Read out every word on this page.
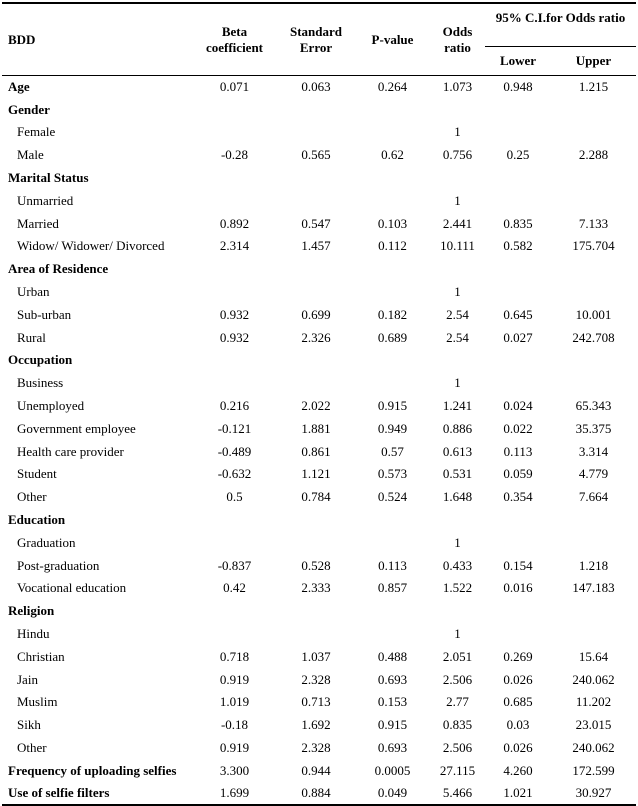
BDD	Beta coefficient	Standard Error	P-value	Odds ratio	95% C.I.for Odds ratio	

					Lower	Upper
Age	0.071	0.063	0.264	1.073	0.948	1.215
Gender						
Female				1		
Male	-0.28	0.565	0.62	0.756	0.25	2.288
Marital Status						
Unmarried				1		
Married	0.892	0.547	0.103	2.441	0.835	7.133
Widow/ Widower/ Divorced	2.314	1.457	0.112	10.111	0.582	175.704
Area of Residence						
Urban				1		
Sub-urban	0.932	0.699	0.182	2.54	0.645	10.001
Rural	0.932	2.326	0.689	2.54	0.027	242.708
Occupation						
Business				1		
Unemployed	0.216	2.022	0.915	1.241	0.024	65.343
Government employee	-0.121	1.881	0.949	0.886	0.022	35.375
Health care provider	-0.489	0.861	0.57	0.613	0.113	3.314
Student	-0.632	1.121	0.573	0.531	0.059	4.779
Other	0.5	0.784	0.524	1.648	0.354	7.664
Education						
Graduation				1		
Post-graduation	-0.837	0.528	0.113	0.433	0.154	1.218
Vocational education	0.42	2.333	0.857	1.522	0.016	147.183
Religion						
Hindu				1		
Christian	0.718	1.037	0.488	2.051	0.269	15.64
Jain	0.919	2.328	0.693	2.506	0.026	240.062
Muslim	1.019	0.713	0.153	2.77	0.685	11.202
Sikh	-0.18	1.692	0.915	0.835	0.03	23.015
Other	0.919	2.328	0.693	2.506	0.026	240.062
Frequency of uploading selfies	3.300	0.944	0.0005	27.115	4.260	172.599
Use of selfie filters	1.699	0.884	0.049	5.466	1.021	30.927
